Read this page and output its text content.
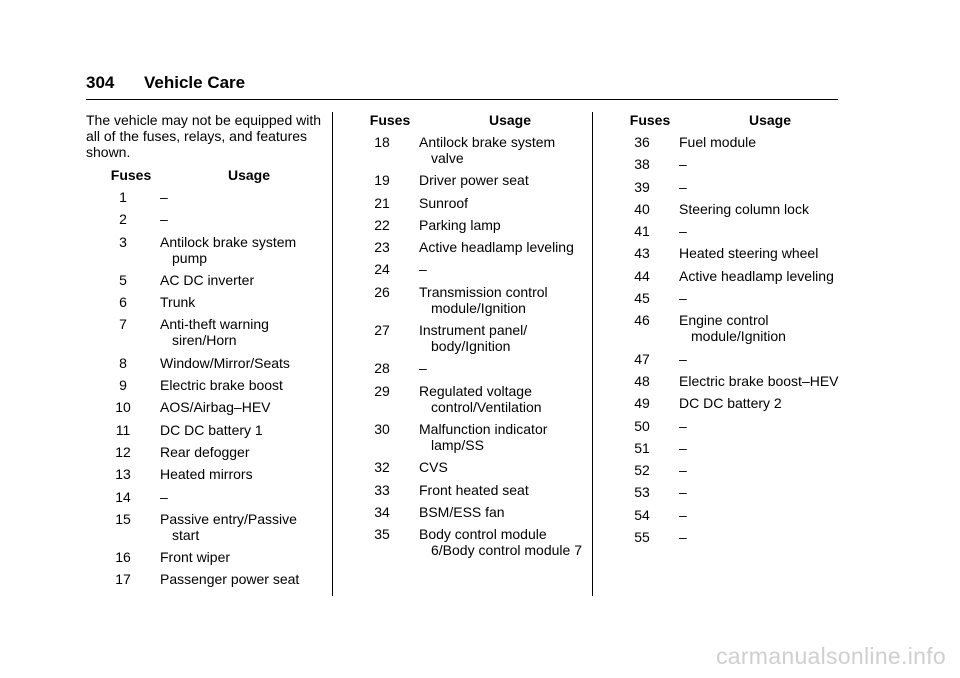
304 Vehicle Care

The vehicle may not be equipped with all of the fuses, relays, and features shown.

Fuses	Usage
1	–
2	–
3	Antilock brake system pump
5	AC DC inverter
6	Trunk
7	Anti-theft warning siren/Horn
8	Window/Mirror/Seats
9	Electric brake boost
10	AOS/Airbag–HEV
11	DC DC battery 1
12	Rear defogger
13	Heated mirrors
14	–
15	Passive entry/Passive start
16	Front wiper
17	Passenger power seat
Fuses	Usage
18	Antilock brake system valve
19	Driver power seat
21	Sunroof
22	Parking lamp
23	Active headlamp leveling
24	–
26	Transmission control module/Ignition
27	Instrument panel/ body/Ignition
28	–
29	Regulated voltage control/Ventilation
30	Malfunction indicator lamp/SS
32	CVS
33	Front heated seat
34	BSM/ESS fan
35	Body control module 6/Body control module 7
Fuses	Usage
36	Fuel module
38	–
39	–
40	Steering column lock
41	–
43	Heated steering wheel
44	Active headlamp leveling
45	–
46	Engine control module/Ignition
47	–
48	Electric brake boost–HEV
49	DC DC battery 2
50	–
51	–
52	–
53	–
54	–
55	–
carmanualsonline.info
